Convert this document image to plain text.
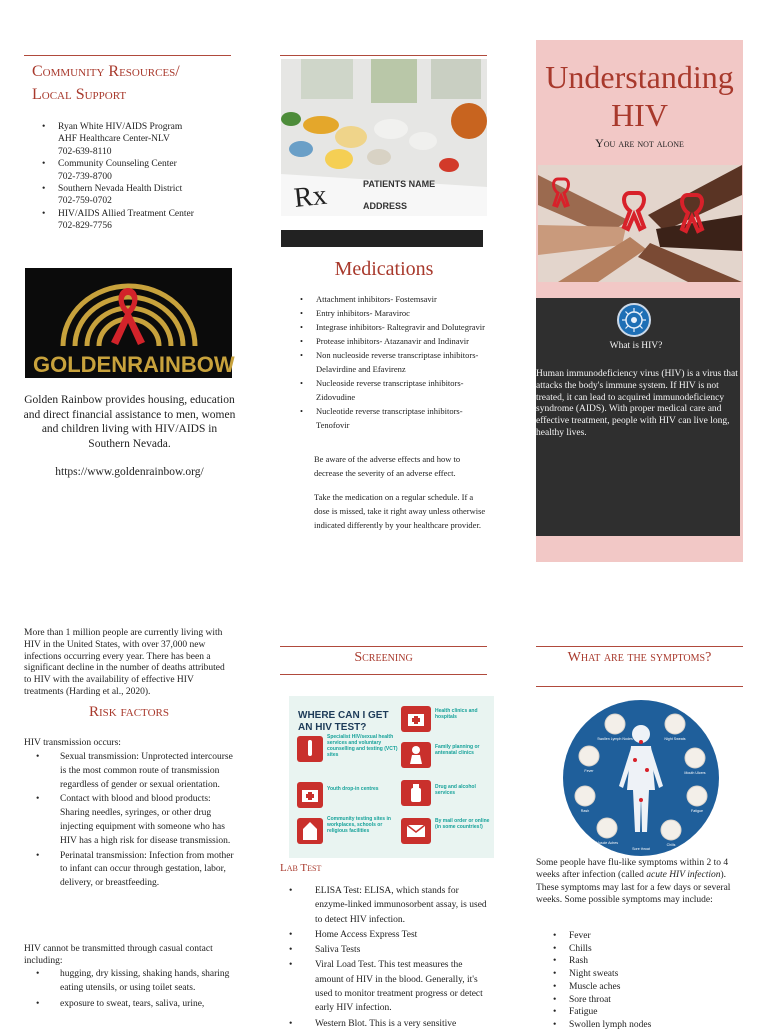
Community Resources/
Local Support
• Ryan White HIV/AIDS Program
AHF Healthcare Center-NLV
702-639-8110
• Community Counseling Center
702-739-8700
• Southern Nevada Health District
702-759-0702
• HIV/AIDS Allied Treatment Center
702-829-7756
GOLDENRAINBOW
Golden Rainbow provides housing, education and direct financial assistance to men, women and children living with HIV/AIDS in Southern Nevada.
https://www.goldenrainbow.org/
Rx	PATIENTS NAME
ADDRESS
Medications
• Attachment inhibitors- Fostemsavir
• Entry inhibitors- Maraviroc
• Integrase inhibitors- Raltegravir and Dolutegravir
• Protease inhibitors- Atazanavir and Indinavir
• Non nucleoside reverse transcriptase inhibitors- Delavirdine and Efavirenz
• Nucleoside reverse transcriptase inhibitors-Zidovudine
• Nucleotide reverse transcriptase inhibitors-Tenofovir
Be aware of the adverse effects and how to decrease the severity of an adverse effect.
Take the medication on a regular schedule. If a dose is missed, take it right away unless otherwise indicated differently by your healthcare provider.
Understanding
HIV
You are not alone
What is HIV?
Human immunodeficiency virus (HIV) is a virus that attacks the body's immune system. If HIV is not treated, it can lead to acquired immunodeficiency syndrome (AIDS). With proper medical care and effective treatment, people with HIV can live long, healthy lives.
More than 1 million people are currently living with HIV in the United States, with over 37,000 new infections occurring every year. There has been a significant decline in the number of deaths attributed to HIV with the availability of effective HIV treatments (Harding et al., 2020).
Risk factors
HIV transmission occurs:
• Sexual transmission: Unprotected intercourse is the most common route of transmission regardless of gender or sexual orientation.
• Contact with blood and blood products: Sharing needles, syringes, or other drug injecting equipment with someone who has HIV has a high risk for disease transmission.
• Perinatal transmission: Infection from mother to infant can occur through gestation, labor, delivery, or breastfeeding.
HIV cannot be transmitted through casual contact including:
• hugging, dry kissing, shaking hands, sharing eating utensils, or using toilet seats.
• exposure to sweat, tears, saliva, urine,
Screening
WHERE CAN I GET AN HIV TEST?
Specialist HIV/sexual health services and voluntary counselling and testing (VCT) sites
Youth drop-in centres
Community testing sites in workplaces, schools or religious facilities
Health clinics and hospitals
Family planning or antenatal clinics
Drug and alcohol services
By mail order or online (in some countries!)
Lab Test
• ELISA Test: ELISA, which stands for enzyme-linked immunosorbent assay, is used to detect HIV infection.
• Home Access Express Test
• Saliva Tests
• Viral Load Test. This test measures the amount of HIV in the blood. Generally, it's used to monitor treatment progress or detect early HIV infection.
• Western Blot. This is a very sensitive
What are the symptoms?
Swollen Lymph Nodes
Fever
Rash
Muscle Aches
Night Sweats
Mouth Ulcers
Fatigue
Chills
Sore throat
Some people have flu-like symptoms within 2 to 4 weeks after infection (called acute HIV infection). These symptoms may last for a few days or several weeks. Some possible symptoms may include:
• Fever
• Chills
• Rash
• Night sweats
• Muscle aches
• Sore throat
• Fatigue
• Swollen lymph nodes
